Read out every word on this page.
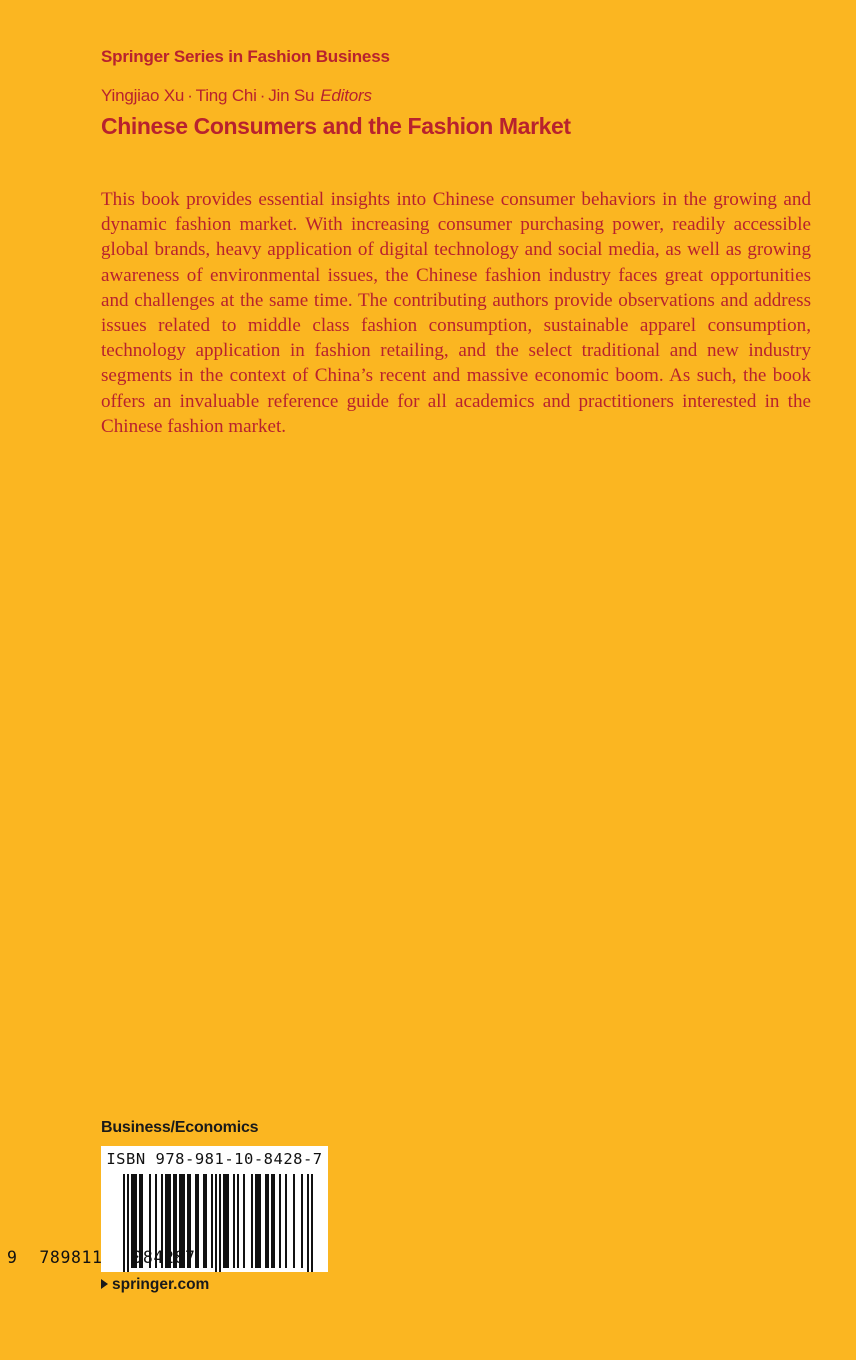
Springer Series in Fashion Business
Yingjiao Xu · Ting Chi · Jin Su Editors
Chinese Consumers and the Fashion Market

This book provides essential insights into Chinese consumer behaviors in the growing and dynamic fashion market. With increasing consumer purchasing power, readily accessible global brands, heavy application of digital technology and social media, as well as growing awareness of environmental issues, the Chinese fashion industry faces great opportunities and challenges at the same time. The contributing authors provide observations and address issues related to middle class fashion consumption, sustainable apparel consumption, technology application in fashion retailing, and the select traditional and new industry segments in the context of China’s recent and massive economic boom. As such, the book offers an invaluable reference guide for all academics and practitioners interested in the Chinese fashion market.

Business/Economics
ISBN 978-981-10-8428-7
9	789811	084287
springer.com
